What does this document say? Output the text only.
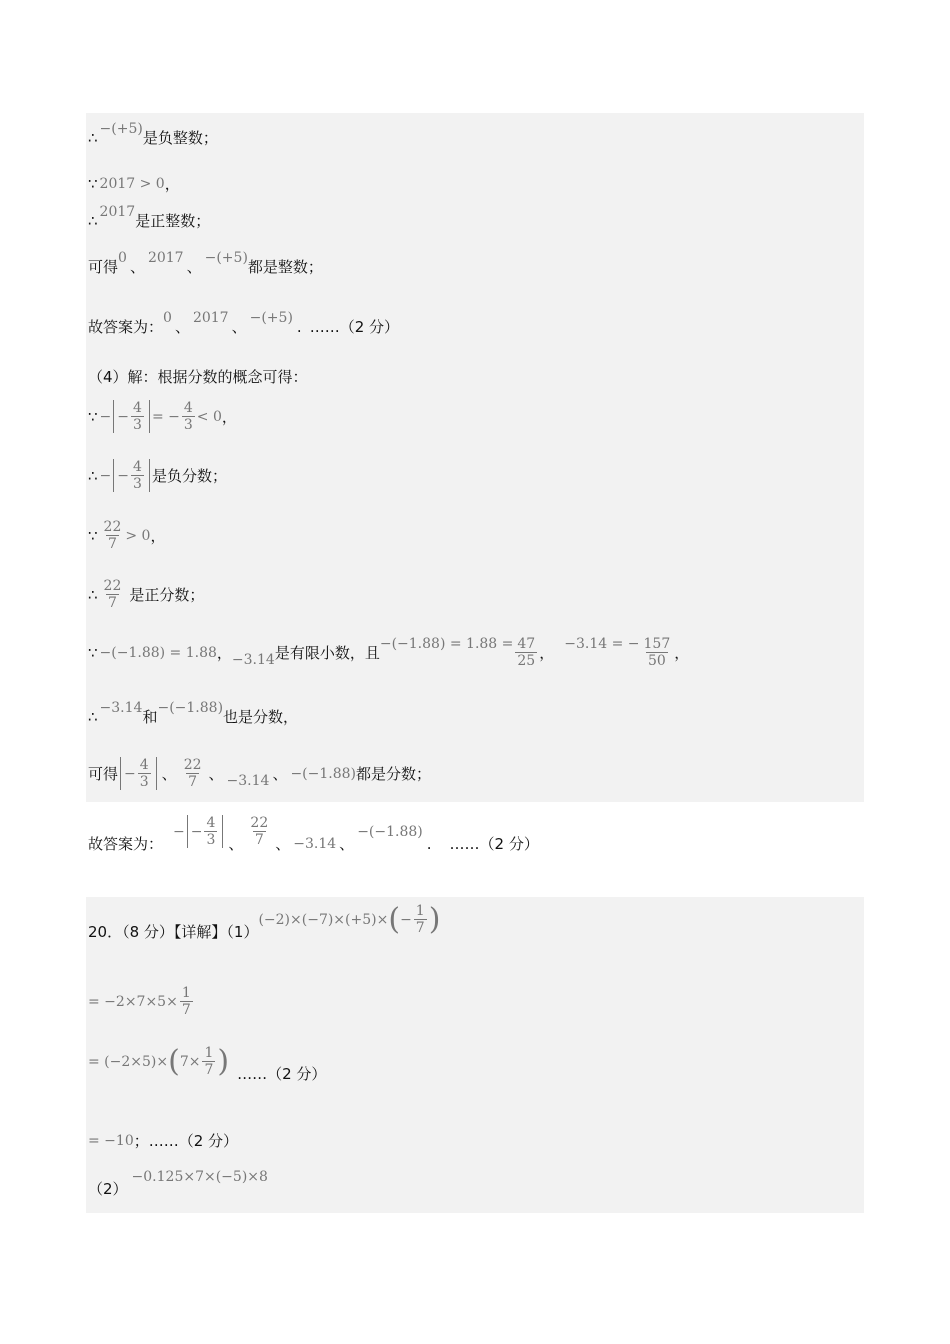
∴ −(+5)
是负整数；
∵ 2017 > 0 ，
∴ 2017
是正整数；
可得
0
、
2017
、
−(+5)
都是整数；
故答案为：
0
、
2017
、
−(+5) . ……（2 分）
（4）解：根据分数的概念可得：
∵ − − $\frac{4}{3}$ = − $\frac{4}{3} < 0$ ，
∴ − − $\frac{4}{3}$ 是负分数；
∵ $\frac{22}{7} > 0$ ，
∴ $\frac{22}{7}$ 是正分数；
∵ −(−1.88) = 1.88 ， −3.14 是有限小数，且
$-(-1.88) = 1.88 = \frac{47}{25}$ ，
−3.14 = − $\frac{157}{50}$ ，
∴ −3.14
和
−(−1.88)
也是分数，
可得 − $\frac{4}{3}$ 、 $\frac{22}{7}$ 、 −3.14 、 −(−1.88) 都是分数；
故答案为：
− − $\frac{4}{3}$ 、 $\frac{22}{7}$ 、 −3.14 、
−(−1.88)
. ……（2 分）
20．（8 分）【详解】（1）
(−2)×(−7)×(+5)× ( − $\frac{1}{7}$ )
= $-2\times 7\times 5\times \frac{1}{7}$
= (−2×5)× ( $7\times \frac{1}{7}$ ) ……（2 分）
= −10 ；……（2 分）
（2）
−0.125×7×(−5)×8
